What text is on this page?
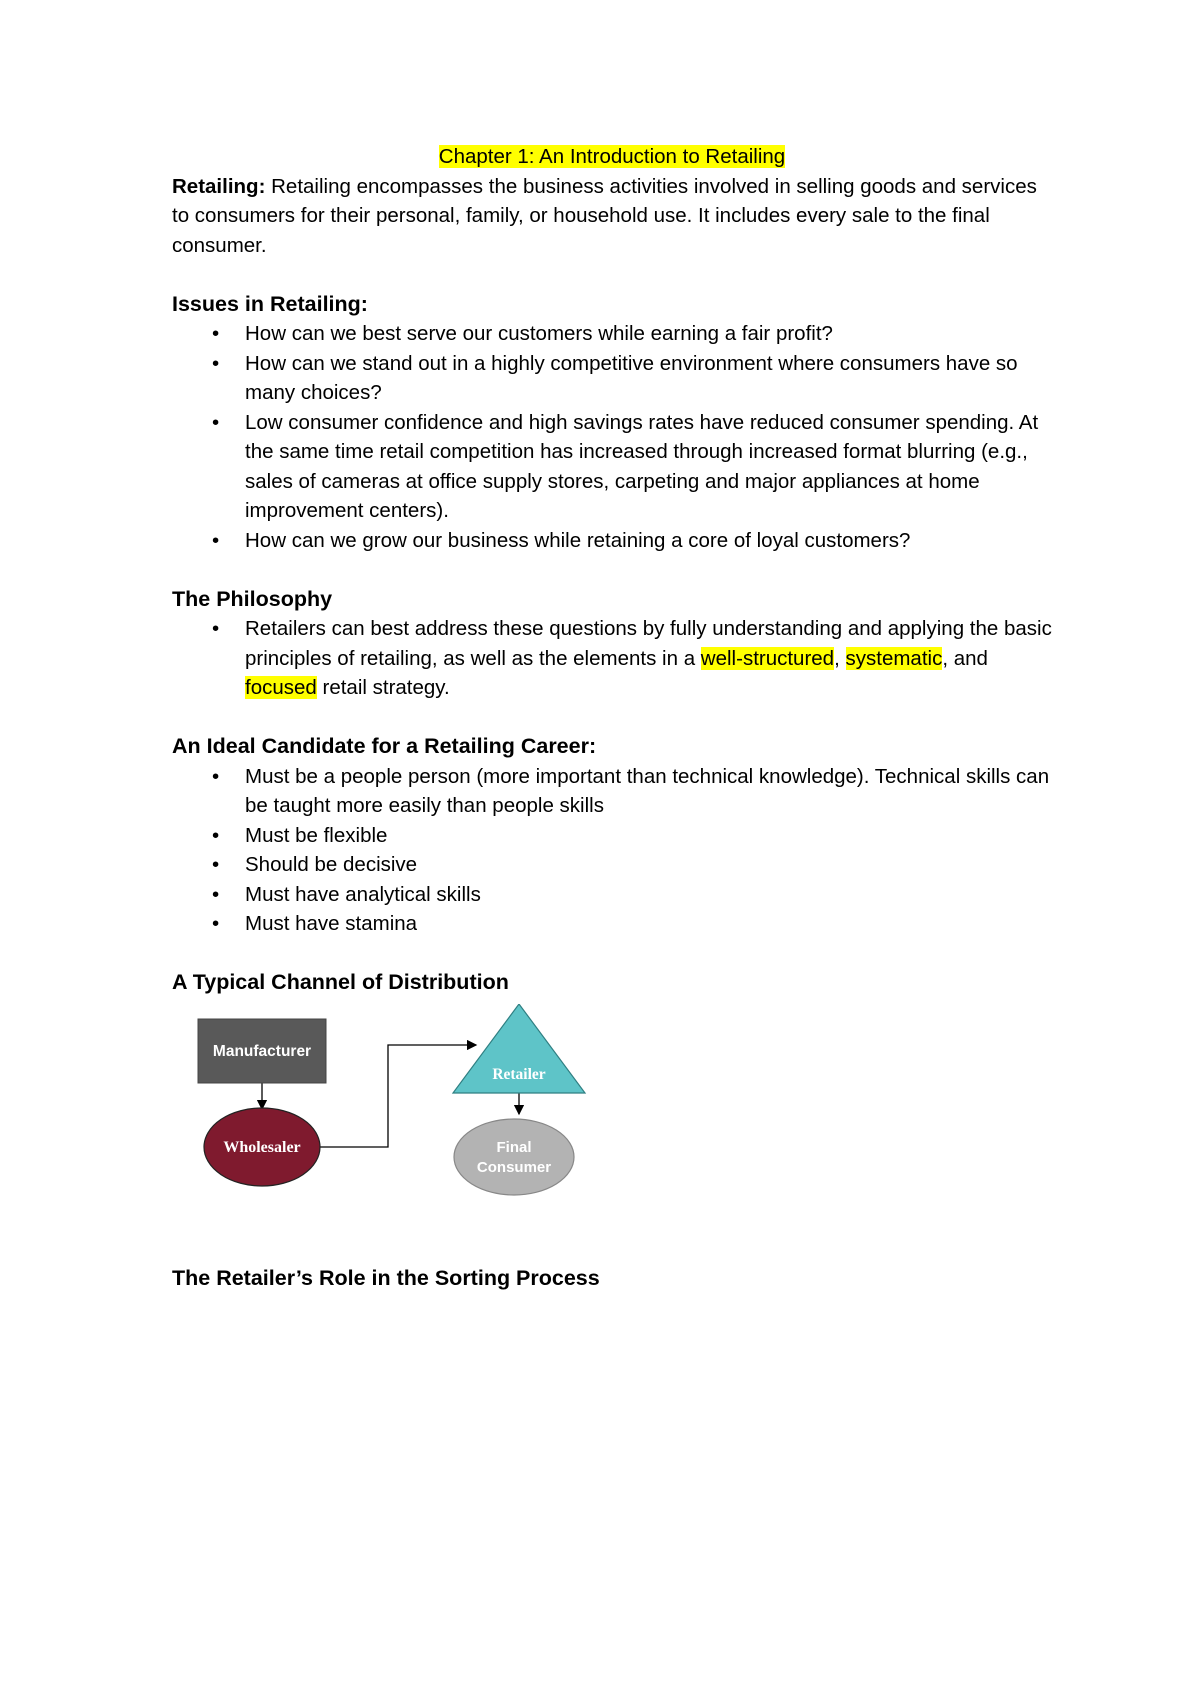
Chapter 1: An Introduction to Retailing

Retailing: Retailing encompasses the business activities involved in selling goods and services to consumers for their personal, family, or household use. It includes every sale to the final consumer.

Issues in Retailing:

• How can we best serve our customers while earning a fair profit?
• How can we stand out in a highly competitive environment where consumers have so many choices?
• Low consumer confidence and high savings rates have reduced consumer spending. At the same time retail competition has increased through increased format blurring (e.g., sales of cameras at office supply stores, carpeting and major appliances at home improvement centers).
• How can we grow our business while retaining a core of loyal customers?

The Philosophy

• Retailers can best address these questions by fully understanding and applying the basic principles of retailing, as well as the elements in a well-structured, systematic, and focused retail strategy.

An Ideal Candidate for a Retailing Career:

• Must be a people person (more important than technical knowledge). Technical skills can be taught more easily than people skills
• Must be flexible
• Should be decisive
• Must have analytical skills
• Must have stamina

A Typical Channel of Distribution

Manufacturer
Wholesaler
Retailer
Final
Consumer

The Retailer’s Role in the Sorting Process
